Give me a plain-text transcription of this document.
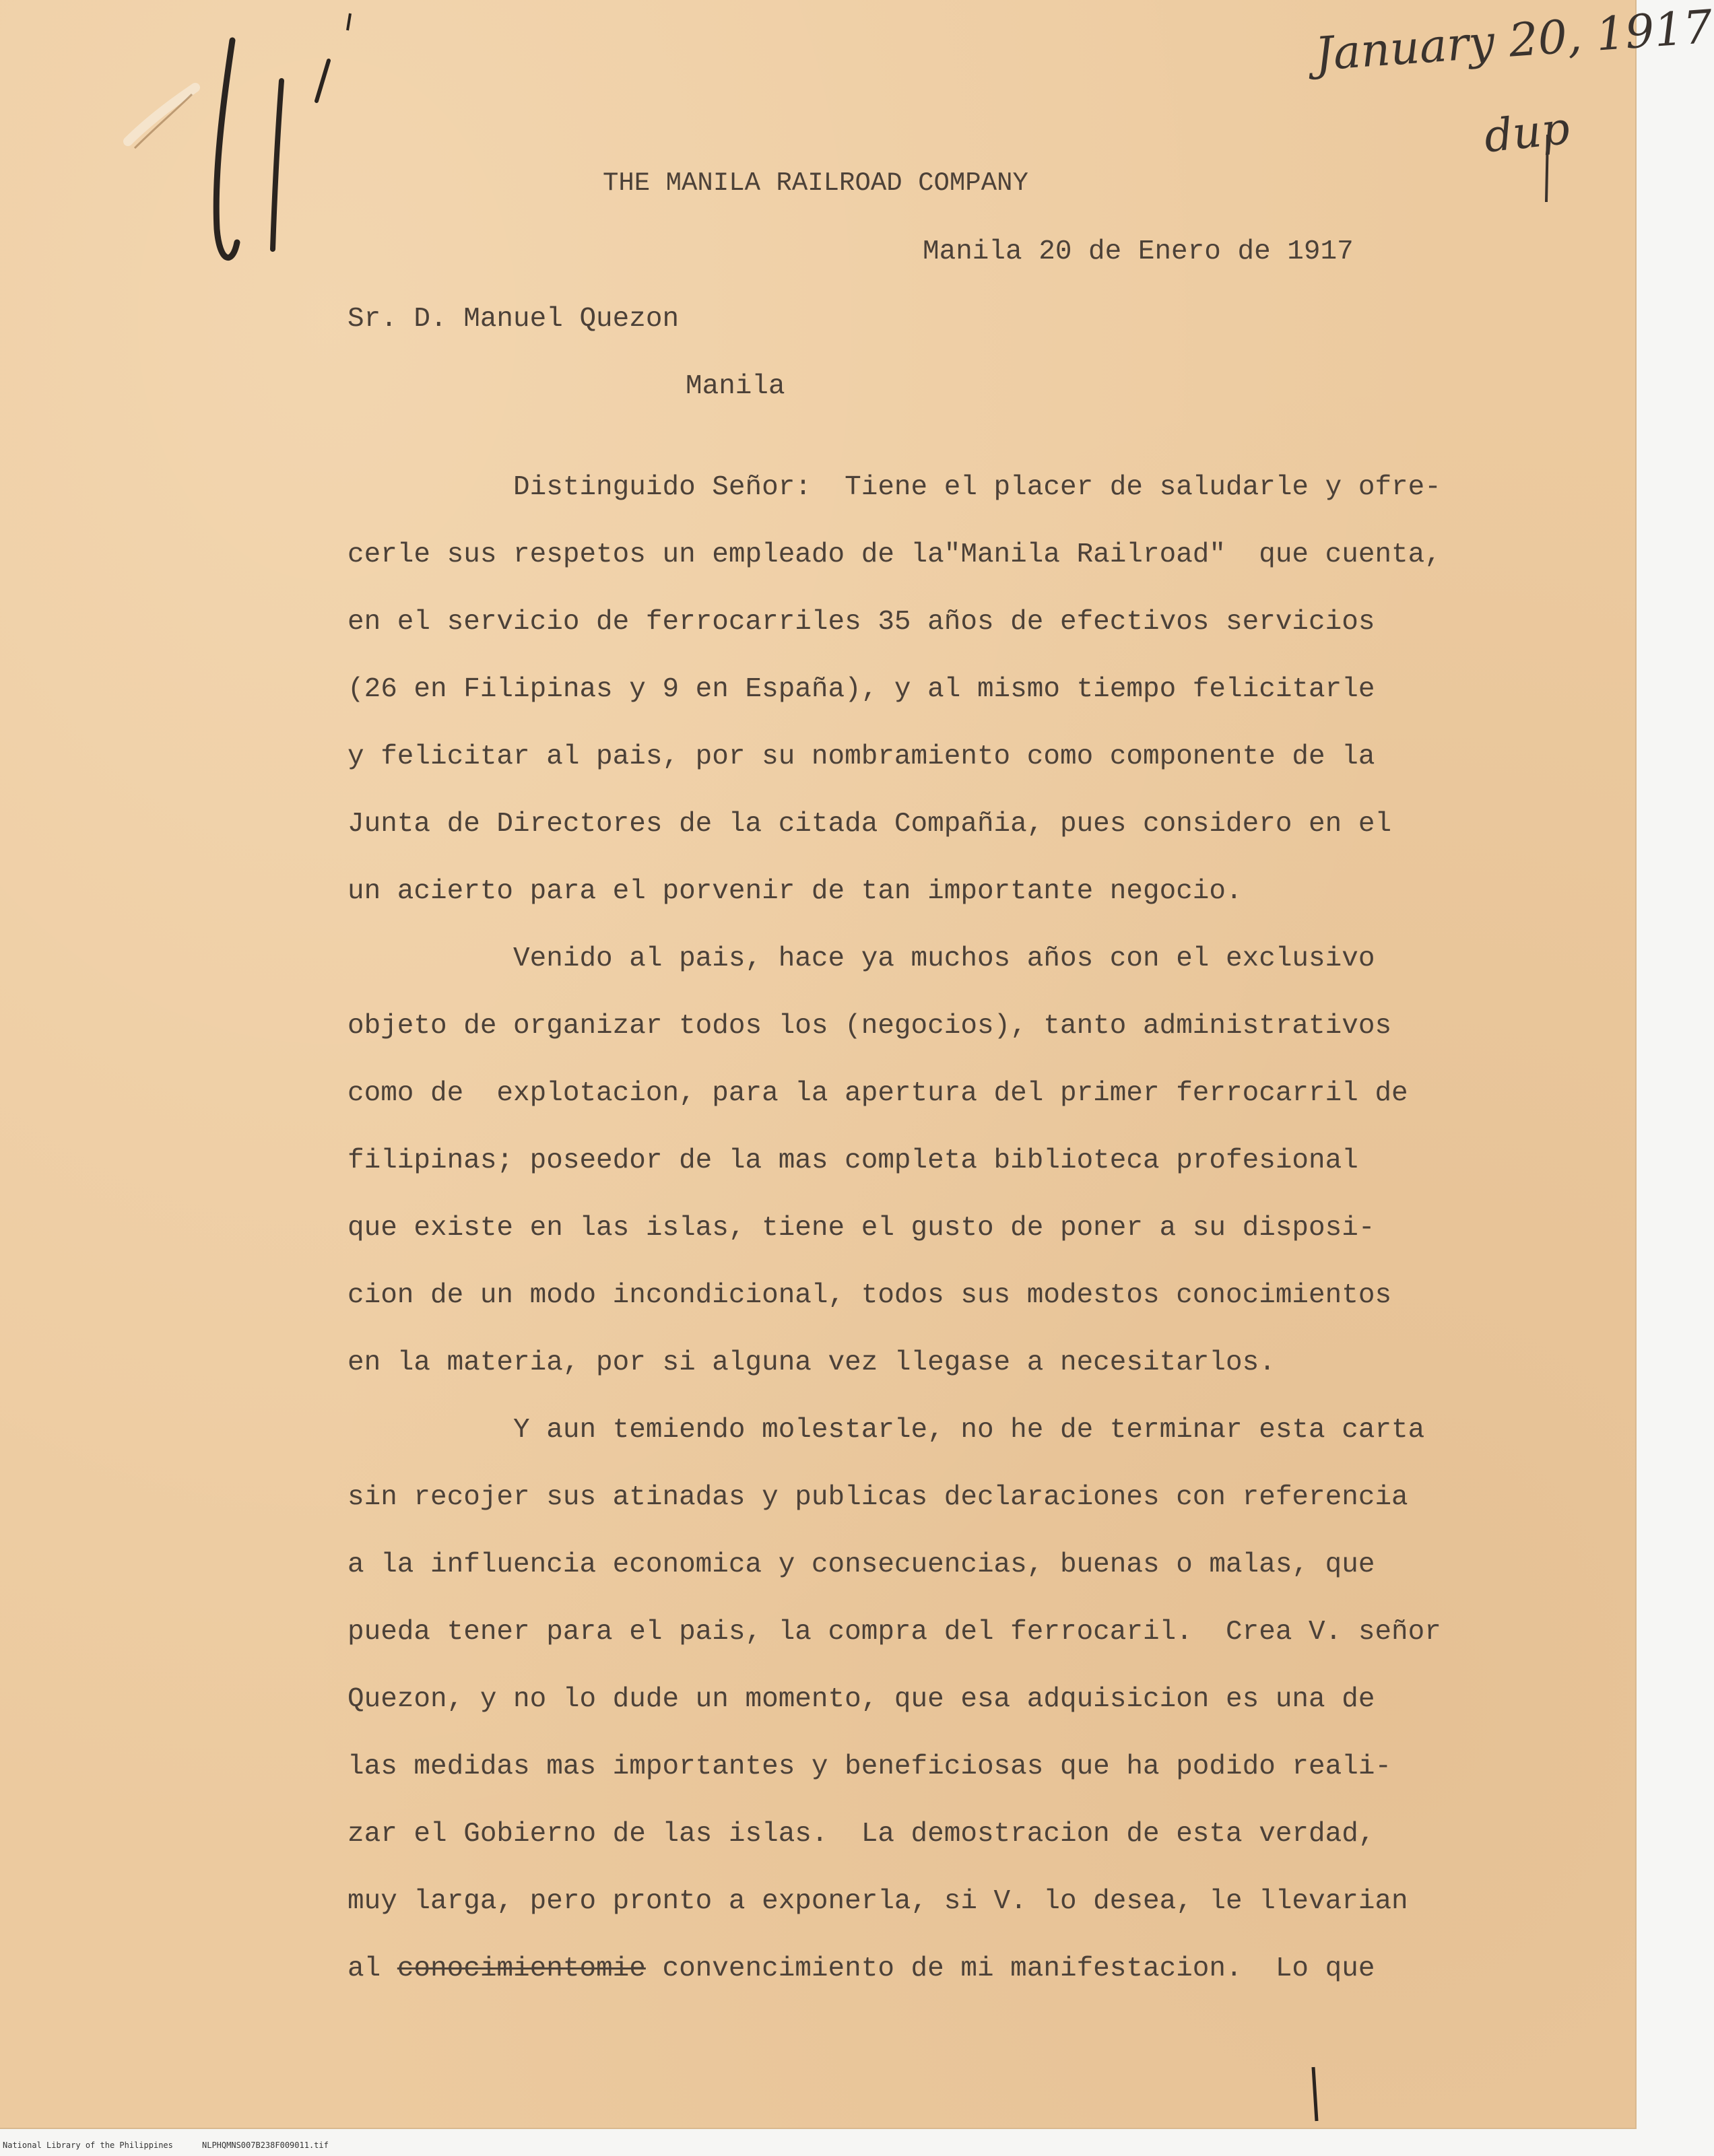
January 20, 1917
dup
THE MANILA RAILROAD COMPANY
Manila 20 de Enero de 1917
Sr. D. Manuel Quezon
Manila
Distinguido Señor:  Tiene el placer de saludarle y ofre-
cerle sus respetos un empleado de la"Manila Railroad"  que cuenta,
en el servicio de ferrocarriles 35 años de efectivos servicios
(26 en Filipinas y 9 en España), y al mismo tiempo felicitarle
y felicitar al pais, por su nombramiento como componente de la
Junta de Directores de la citada Compañia, pues considero en el
un acierto para el porvenir de tan importante negocio.
Venido al pais, hace ya muchos años con el exclusivo
objeto de organizar todos los (negocios), tanto administrativos
como de  explotacion, para la apertura del primer ferrocarril de
filipinas; poseedor de la mas completa biblioteca profesional
que existe en las islas, tiene el gusto de poner a su disposi-
cion de un modo incondicional, todos sus modestos conocimientos
en la materia, por si alguna vez llegase a necesitarlos.
Y aun temiendo molestarle, no he de terminar esta carta
sin recojer sus atinadas y publicas declaraciones con referencia
a la influencia economica y consecuencias, buenas o malas, que
pueda tener para el pais, la compra del ferrocaril.  Crea V. señor
Quezon, y no lo dude un momento, que esa adquisicion es una de
las medidas mas importantes y beneficiosas que ha podido reali-
zar el Gobierno de las islas.  La demostracion de esta verdad,
muy larga, pero pronto a exponerla, si V. lo desea, le llevarian
al conocimientomie convencimiento de mi manifestacion.  Lo que
National Library of the Philippines	NLPHQMNS007B238F009011.tif
